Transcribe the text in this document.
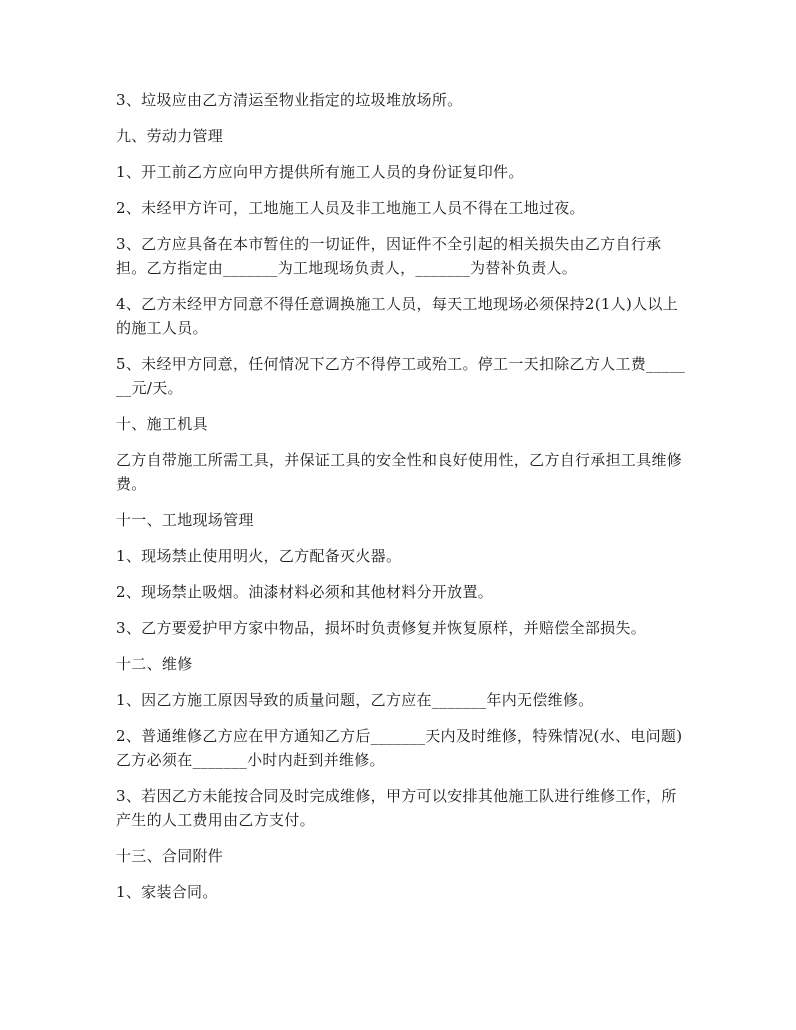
3、垃圾应由乙方清运至物业指定的垃圾堆放场所。

九、劳动力管理

1、开工前乙方应向甲方提供所有施工人员的身份证复印件。

2、未经甲方许可，工地施工人员及非工地施工人员不得在工地过夜。

3、乙方应具备在本市暂住的一切证件，因证件不全引起的相关损失由乙方自行承担。乙方指定由_______为工地现场负责人，_______为替补负责人。

4、乙方未经甲方同意不得任意调换施工人员，每天工地现场必须保持2(1人)人以上的施工人员。

5、未经甲方同意，任何情况下乙方不得停工或殆工。停工一天扣除乙方人工费_______元/天。

十、施工机具

乙方自带施工所需工具，并保证工具的安全性和良好使用性，乙方自行承担工具维修费。

十一、工地现场管理

1、现场禁止使用明火，乙方配备灭火器。

2、现场禁止吸烟。油漆材料必须和其他材料分开放置。

3、乙方要爱护甲方家中物品，损坏时负责修复并恢复原样，并赔偿全部损失。

十二、维修

1、因乙方施工原因导致的质量问题，乙方应在_______年内无偿维修。

2、普通维修乙方应在甲方通知乙方后_______天内及时维修，特殊情况(水、电问题)乙方必须在_______小时内赶到并维修。

3、若因乙方未能按合同及时完成维修，甲方可以安排其他施工队进行维修工作，所产生的人工费用由乙方支付。

十三、合同附件

1、家装合同。
